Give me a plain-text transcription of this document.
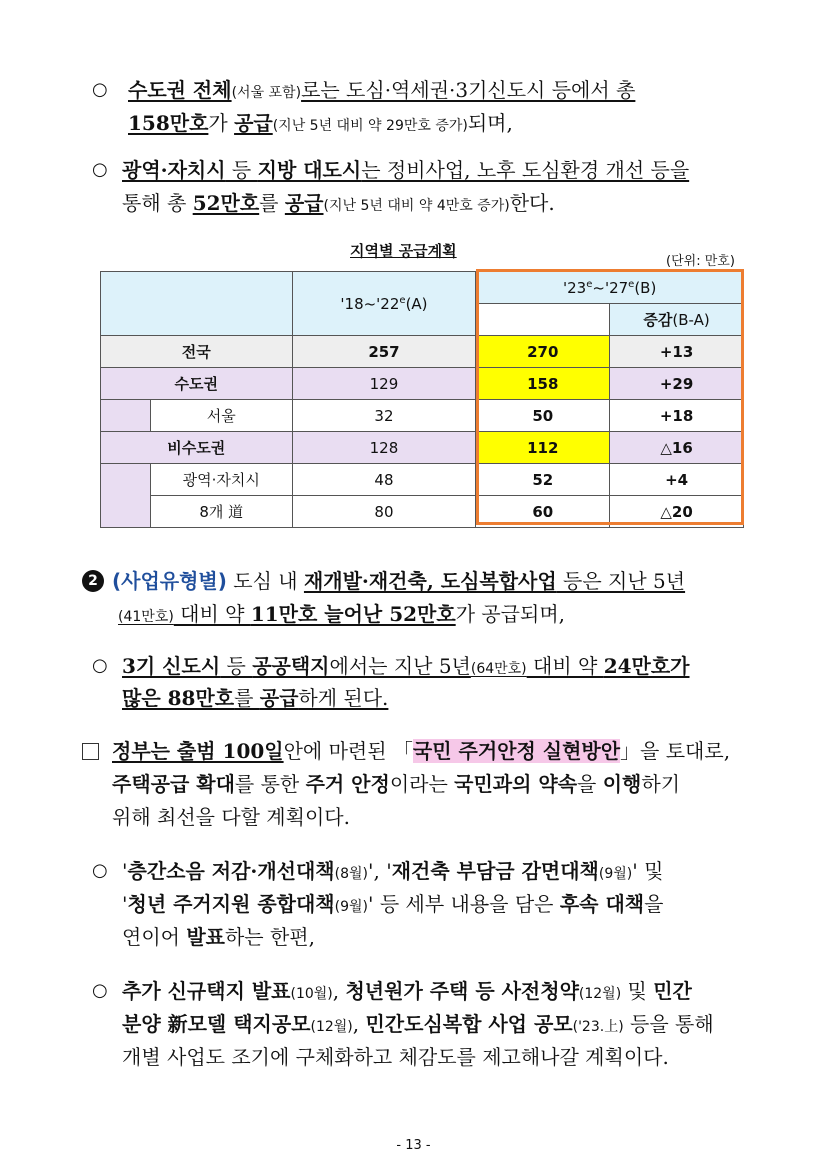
○ 수도권 전체(서울 포함)로는 도심·역세권·3기신도시 등에서 총
158만호가 공급(지난 5년 대비 약 29만호 증가)되며,
○ 광역·자치시 등 지방 대도시는 정비사업, 노후 도심환경 개선 등을
통해 총 52만호를 공급(지난 5년 대비 약 4만호 증가)한다.
지역별 공급계획
(단위: 만호)
		'18~'22e(A)	'23e~'27e(B)	
				증감(B-A)
전국		257	270	+13
수도권		129	158	+29
	서울	32	50	+18
비수도권		128	112	△16
	광역·자치시	48	52	+4
	8개 道	80	60	△20
2 (사업유형별) 도심 내 재개발·재건축, 도심복합사업 등은 지난 5년
(41만호) 대비 약 11만호 늘어난 52만호가 공급되며,
○ 3기 신도시 등 공공택지에서는 지난 5년(64만호) 대비 약 24만호가
많은 88만호를 공급하게 된다.
정부는 출범 100일안에 마련된 「국민 주거안정 실현방안」을 토대로,
주택공급 확대를 통한 주거 안정이라는 국민과의 약속을 이행하기
위해 최선을 다할 계획이다.
○ '층간소음 저감·개선대책(8월)', '재건축 부담금 감면대책(9월)' 및
'청년 주거지원 종합대책(9월)' 등 세부 내용을 담은 후속 대책을
연이어 발표하는 한편,
○ 추가 신규택지 발표(10월), 청년원가 주택 등 사전청약(12월) 및 민간
분양 新모델 택지공모(12월), 민간도심복합 사업 공모('23.上) 등을 통해
개별 사업도 조기에 구체화하고 체감도를 제고해나갈 계획이다.
- 13 -
